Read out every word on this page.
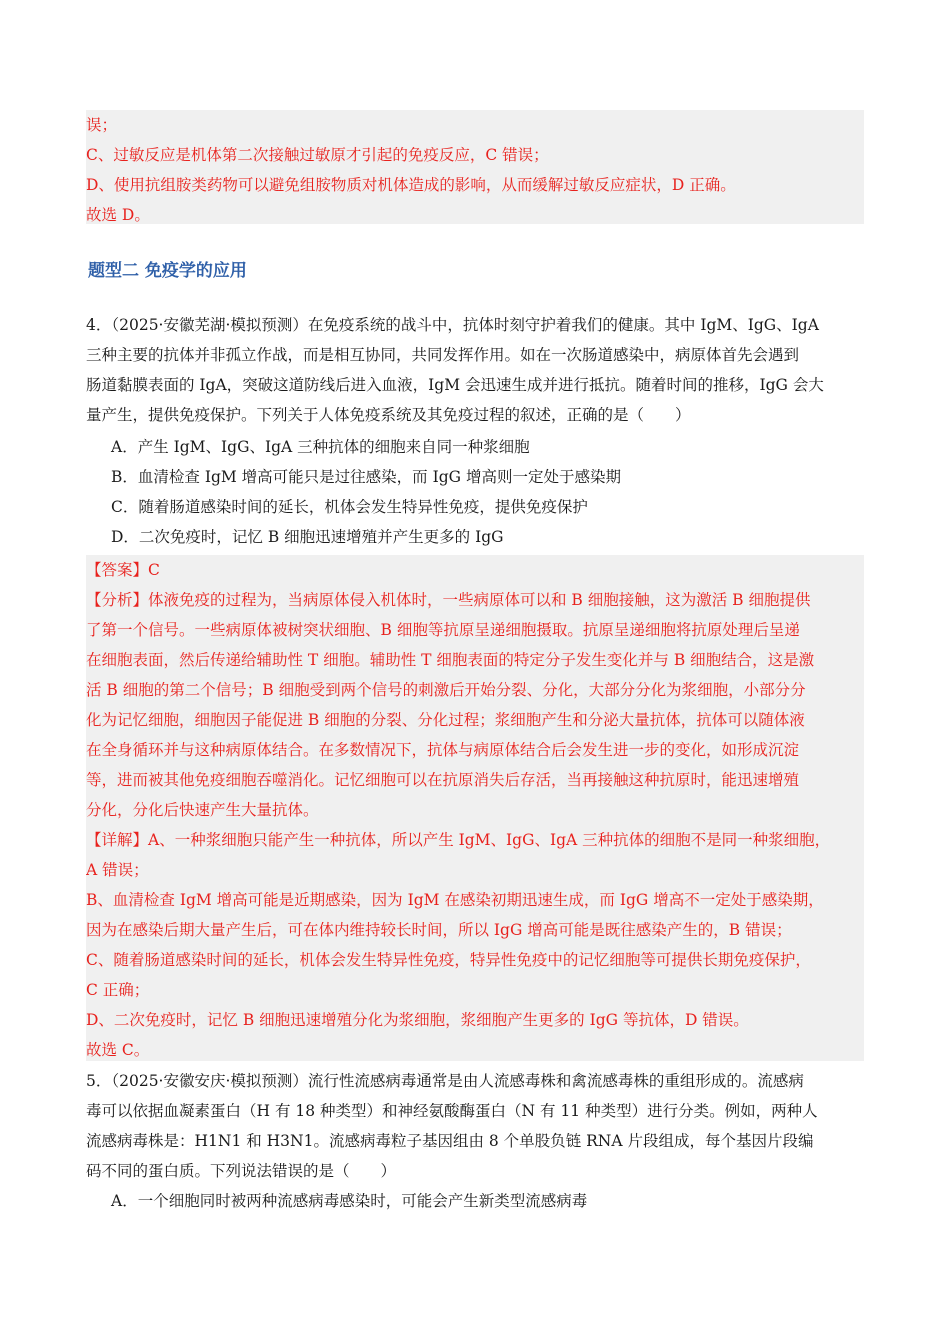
误；
C、过敏反应是机体第二次接触过敏原才引起的免疫反应，C 错误；
D、使用抗组胺类药物可以避免组胺物质对机体造成的影响，从而缓解过敏反应症状，D 正确。
故选 D。
题型二 免疫学的应用
4．（2025·安徽芜湖·模拟预测）在免疫系统的战斗中，抗体时刻守护着我们的健康。其中 IgM、IgG、IgA
三种主要的抗体并非孤立作战，而是相互协同，共同发挥作用。如在一次肠道感染中，病原体首先会遇到
肠道黏膜表面的 IgA，突破这道防线后进入血液，IgM 会迅速生成并进行抵抗。随着时间的推移，IgG 会大
量产生，提供免疫保护。下列关于人体免疫系统及其免疫过程的叙述，正确的是（　　）
A．产生 IgM、IgG、IgA 三种抗体的细胞来自同一种浆细胞
B．血清检查 IgM 增高可能只是过往感染，而 IgG 增高则一定处于感染期
C．随着肠道感染时间的延长，机体会发生特异性免疫，提供免疫保护
D．二次免疫时，记忆 B 细胞迅速增殖并产生更多的 IgG
【答案】C
【分析】体液免疫的过程为，当病原体侵入机体时，一些病原体可以和 B 细胞接触，这为激活 B 细胞提供
了第一个信号。一些病原体被树突状细胞、B 细胞等抗原呈递细胞摄取。抗原呈递细胞将抗原处理后呈递
在细胞表面，然后传递给辅助性 T 细胞。辅助性 T 细胞表面的特定分子发生变化并与 B 细胞结合，这是激
活 B 细胞的第二个信号；B 细胞受到两个信号的刺激后开始分裂、分化，大部分分化为浆细胞，小部分分
化为记忆细胞，细胞因子能促进 B 细胞的分裂、分化过程；浆细胞产生和分泌大量抗体，抗体可以随体液
在全身循环并与这种病原体结合。在多数情况下，抗体与病原体结合后会发生进一步的变化，如形成沉淀
等，进而被其他免疫细胞吞噬消化。记忆细胞可以在抗原消失后存活，当再接触这种抗原时，能迅速增殖
分化，分化后快速产生大量抗体。
【详解】A、一种浆细胞只能产生一种抗体，所以产生 IgM、IgG、IgA 三种抗体的细胞不是同一种浆细胞，
A 错误；
B、血清检查 IgM 增高可能是近期感染，因为 IgM 在感染初期迅速生成，而 IgG 增高不一定处于感染期，
因为在感染后期大量产生后，可在体内维持较长时间，所以 IgG 增高可能是既往感染产生的，B 错误；
C、随着肠道感染时间的延长，机体会发生特异性免疫，特异性免疫中的记忆细胞等可提供长期免疫保护，
C 正确；
D、二次免疫时，记忆 B 细胞迅速增殖分化为浆细胞，浆细胞产生更多的 IgG 等抗体，D 错误。
故选 C。
5．（2025·安徽安庆·模拟预测）流行性流感病毒通常是由人流感毒株和禽流感毒株的重组形成的。流感病
毒可以依据血凝素蛋白（H 有 18 种类型）和神经氨酸酶蛋白（N 有 11 种类型）进行分类。例如，两种人
流感病毒株是：H1N1 和 H3N1。流感病毒粒子基因组由 8 个单股负链 RNA 片段组成，每个基因片段编
码不同的蛋白质。下列说法错误的是（　　）
A．一个细胞同时被两种流感病毒感染时，可能会产生新类型流感病毒
